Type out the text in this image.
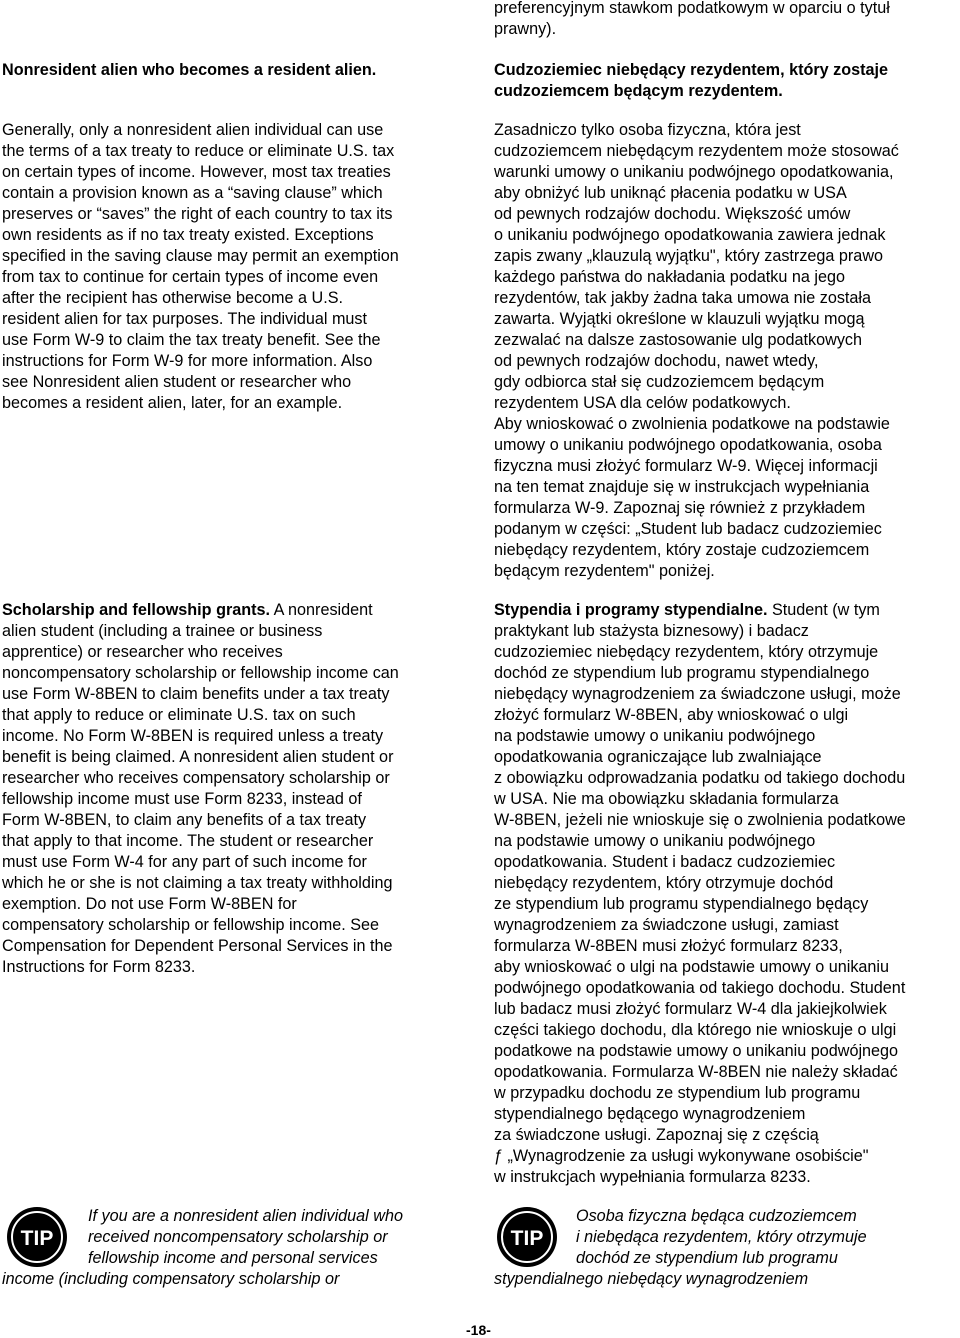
preferencyjnym stawkom podatkowym w oparciu o tytuł
prawny).

Nonresident alien who becomes a resident alien.	Cudzoziemiec niebędący rezydentem, który zostaje
cudzoziemcem będącym rezydentem.
Generally, only a nonresident alien individual can use
the terms of a tax treaty to reduce or eliminate U.S. tax
on certain types of income. However, most tax treaties
contain a provision known as a “saving clause” which
preserves or “saves” the right of each country to tax its
own residents as if no tax treaty existed. Exceptions
specified in the saving clause may permit an exemption
from tax to continue for certain types of income even
after the recipient has otherwise become a U.S.
resident alien for tax purposes. The individual must
use Form W-9 to claim the tax treaty benefit. See the
instructions for Form W-9 for more information. Also
see Nonresident alien student or researcher who
becomes a resident alien, later, for an example.
Zasadniczo tylko osoba fizyczna, która jest
cudzoziemcem niebędącym rezydentem może stosować
warunki umowy o unikaniu podwójnego opodatkowania,
aby obniżyć lub uniknąć płacenia podatku w USA
od pewnych rodzajów dochodu. Większość umów
o unikaniu podwójnego opodatkowania zawiera jednak
zapis zwany „klauzulą wyjątku", który zastrzega prawo
każdego państwa do nakładania podatku na jego
rezydentów, tak jakby żadna taka umowa nie została
zawarta. Wyjątki określone w klauzuli wyjątku mogą
zezwalać na dalsze zastosowanie ulg podatkowych
od pewnych rodzajów dochodu, nawet wtedy,
gdy odbiorca stał się cudzoziemcem będącym
rezydentem USA dla celów podatkowych.
Aby wnioskować o zwolnienia podatkowe na podstawie
umowy o unikaniu podwójnego opodatkowania, osoba
fizyczna musi złożyć formularz W-9. Więcej informacji
na ten temat znajduje się w instrukcjach wypełniania
formularza W-9. Zapoznaj się również z przykładem
podanym w części: „Student lub badacz cudzoziemiec
niebędący rezydentem, który zostaje cudzoziemcem
będącym rezydentem" poniżej.
Scholarship and fellowship grants. A nonresident
alien student (including a trainee or business
apprentice) or researcher who receives
noncompensatory scholarship or fellowship income can
use Form W-8BEN to claim benefits under a tax treaty
that apply to reduce or eliminate U.S. tax on such
income. No Form W-8BEN is required unless a treaty
benefit is being claimed. A nonresident alien student or
researcher who receives compensatory scholarship or
fellowship income must use Form 8233, instead of
Form W-8BEN, to claim any benefits of a tax treaty
that apply to that income. The student or researcher
must use Form W-4 for any part of such income for
which he or she is not claiming a tax treaty withholding
exemption. Do not use Form W-8BEN for
compensatory scholarship or fellowship income. See
Compensation for Dependent Personal Services in the
Instructions for Form 8233.
Stypendia i programy stypendialne. Student (w tym
praktykant lub stażysta biznesowy) i badacz
cudzoziemiec niebędący rezydentem, który otrzymuje
dochód ze stypendium lub programu stypendialnego
niebędący wynagrodzeniem za świadczone usługi, może
złożyć formularz W-8BEN, aby wnioskować o ulgi
na podstawie umowy o unikaniu podwójnego
opodatkowania ograniczające lub zwalniające
z obowiązku odprowadzania podatku od takiego dochodu
w USA. Nie ma obowiązku składania formularza
W-8BEN, jeżeli nie wnioskuje się o zwolnienia podatkowe
na podstawie umowy o unikaniu podwójnego
opodatkowania. Student i badacz cudzoziemiec
niebędący rezydentem, który otrzymuje dochód
ze stypendium lub programu stypendialnego będący
wynagrodzeniem za świadczone usługi, zamiast
formularza W-8BEN musi złożyć formularz 8233,
aby wnioskować o ulgi na podstawie umowy o unikaniu
podwójnego opodatkowania od takiego dochodu. Student
lub badacz musi złożyć formularz W-4 dla jakiejkolwiek
części takiego dochodu, dla którego nie wnioskuje o ulgi
podatkowe na podstawie umowy o unikaniu podwójnego
opodatkowania. Formularza W-8BEN nie należy składać
w przypadku dochodu ze stypendium lub programu
stypendialnego będącego wynagrodzeniem
za świadczone usługi. Zapoznaj się z częścią
ƒ „Wynagrodzenie za usługi wykonywane osobiście"
w instrukcjach wypełniania formularza 8233.
TIP
If you are a nonresident alien individual who
received noncompensatory scholarship or
fellowship income and personal services
income (including compensatory scholarship or
TIP
Osoba fizyczna będąca cudzoziemcem
i niebędąca rezydentem, który otrzymuje
dochód ze stypendium lub programu
stypendialnego niebędący wynagrodzeniem
-18-
